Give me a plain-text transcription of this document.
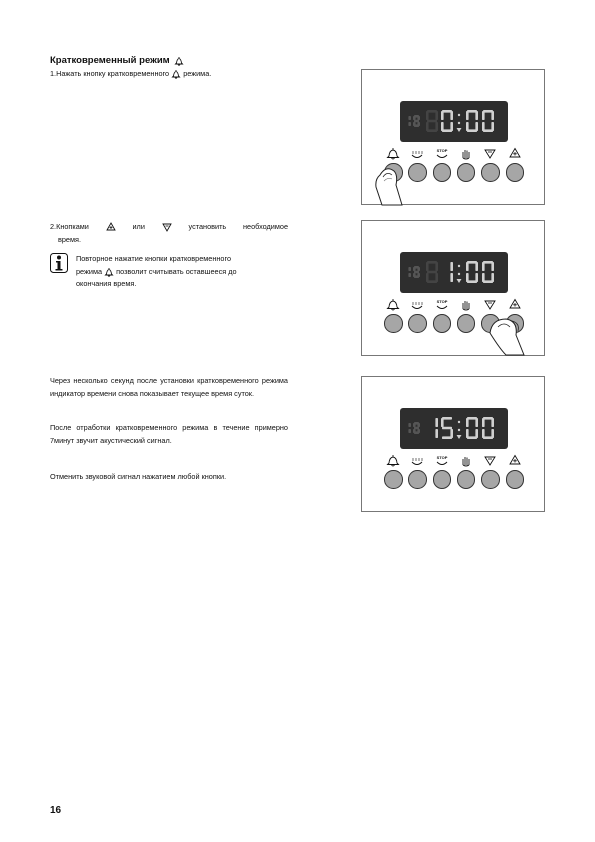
Кратковременный режим
1.Нажать кнопку кратковременного режима.
2.Кнопками	или	установить необходимое
время.
Повторное нажатие кнопки кратковременного
режима позволит считывать оставшееся до
окончания время.
Через несколько секунд после установки кратковременного режима индикатор времени снова показывает текущее время суток.
После отработки кратковременного режима в течение примерно 7минут звучит акустический сигнал.
Отменить звуковой сигнал нажатием любой кнопки.
STOP
STOP
STOP
16
